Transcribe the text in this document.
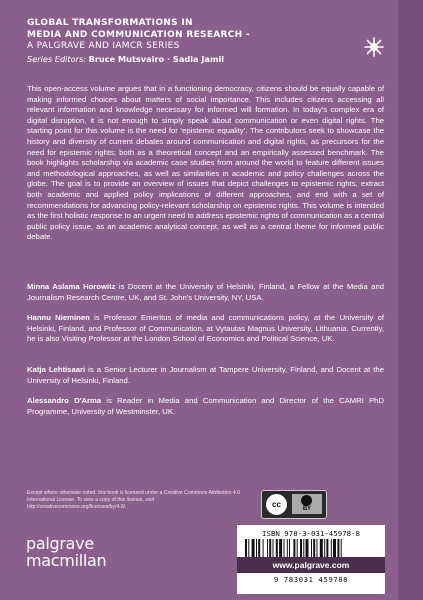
GLOBAL TRANSFORMATIONS IN
MEDIA AND COMMUNICATION RESEARCH -
A PALGRAVE AND IAMCR SERIES
Series Editors: Bruce Mutsvairo · Sadia Jamil
This open-access volume argues that in a functioning democracy, citizens should be equally capable of making informed choices about matters of social importance. This includes citizens accessing all relevant information and knowledge necessary for informed will formation. In today's complex era of digital disruption, it is not enough to simply speak about communication or even digital rights. The starting point for this volume is the need for ‘epistemic equality’. The contributors seek to showcase the history and diversity of current debates around communication and digital rights, as precursors for the need for epistemic rights; both as a theoretical concept and an empirically assessed benchmark. The book highlights scholarship via academic case studies from around the world to feature different issues and methodological approaches, as well as similarities in academic and policy challenges across the globe. The goal is to provide an overview of issues that depict challenges to epistemic rights, extract both academic and applied policy implications of different approaches, and end with a set of recommendations for advancing policy-relevant scholarship on epistemic rights. This volume is intended as the first holistic response to an urgent need to address epistemic rights of communication as a central public policy issue, as an academic analytical concept, as well as a central theme for informed public debate.
Minna Aslama Horowitz is Docent at the University of Helsinki, Finland, a Fellow at the Media and Journalism Research Centre, UK, and St. John's University, NY, USA.
Hannu Nieminen is Professor Emeritus of media and communications policy, at the University of Helsinki, Finland, and Professor of Communication, at Vytautas Magnus University, Lithuania. Currently, he is also Visiting Professor at the London School of Economics and Political Science, UK.
Katja Lehtisaari is a Senior Lecturer in Journalism at Tampere University, Finland, and Docent at the University of Helsinki, Finland.
Alessandro D'Arma is Reader in Media and Communication and Director of the CAMRI PhD Programme, University of Westminster, UK.
Except where otherwise noted, this book is licensed under a Creative Commons Attribution 4.0 International License. To view a copy of this license, visit http://creativecommons.org/licenses/by/4.0/.	cc	BY
ISBN 978-3-031-45978-8
9 783031 459788
www.palgrave.com
palgrave
macmillan
